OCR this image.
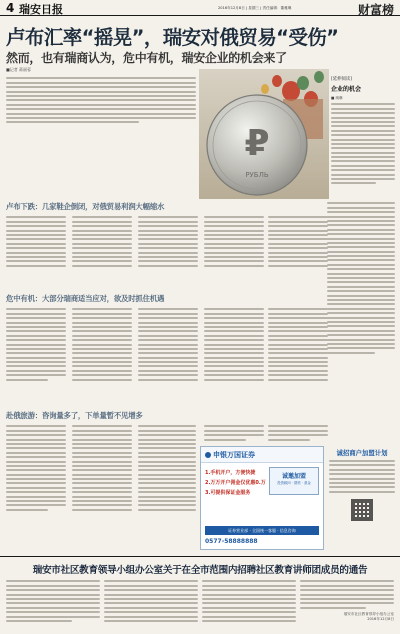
4 瑞安日报	2016年12月8日 | 星期三 | 责任编辑：董雅琳	财富榜
卢布汇率“摇晃”，瑞安对俄贸易“受伤”
然而，也有瑞商认为，危中有机，瑞安企业的机会来了
■记者 蒋丽蓉
₽
РУБЛЬ
[延伸阅读]
企业的机会
■ 朗琳
卢布下跌：几家鞋企倒闭，对俄贸易利润大幅缩水
危中有机：大部分瑞商适当应对，欲及时抓住机遇
赴俄旅游：咨询量多了，下单量暂不见增多
申银万国证券
1.手机开户，方便快捷
2.万万开户佣金仅优惠0.万
3.可提供保证金服务
诚邀加盟
投资顾问 · 期货 · 基金
证券营业部 · 全国统一客服 · 信息咨询
0577-58888888
诚招商户加盟计划
瑞安市社区教育领导小组办公室关于在全市范围内招聘社区教育讲师团成员的通告
瑞安市社区教育领导小组办公室
2016年12月8日
